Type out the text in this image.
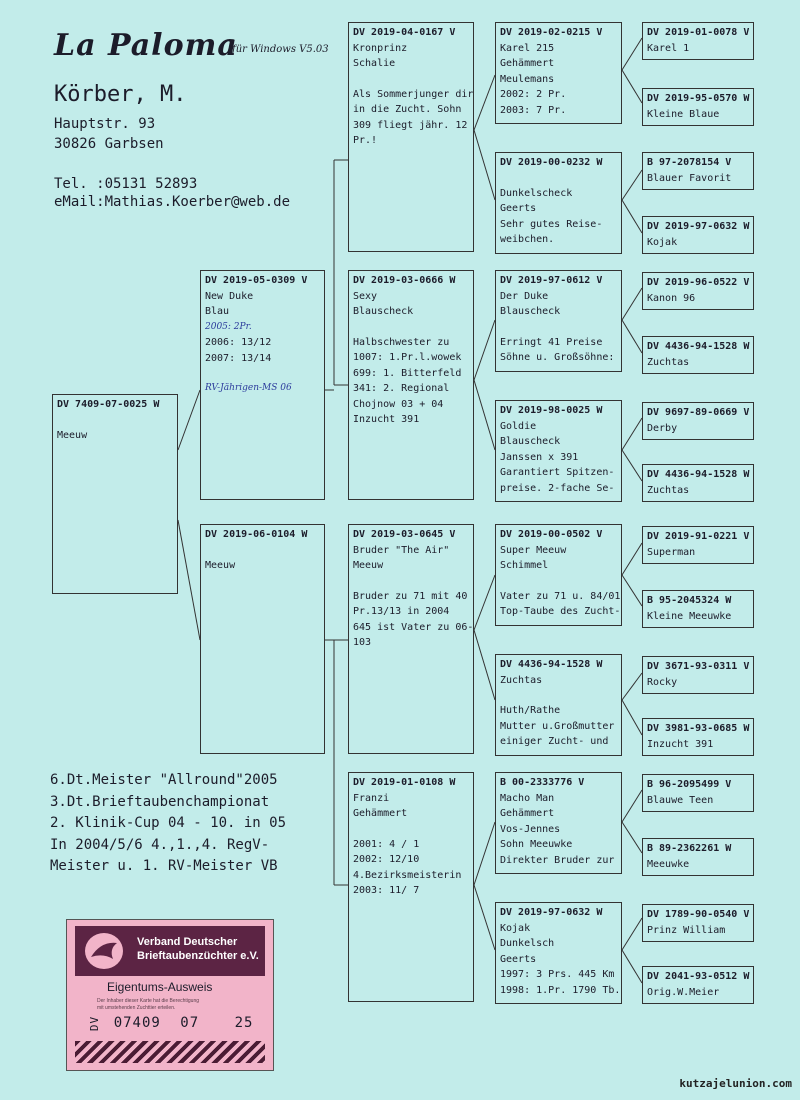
La Paloma
für Windows V5.03
Körber, M.
Hauptstr. 93
30826 Garbsen
Tel. :05131 52893
eMail:Mathias.Koerber@web.de
6.Dt.Meister "Allround"2005
3.Dt.Brieftaubenchampionat
2. Klinik-Cup 04 - 10. in 05
In 2004/5/6 4.,1.,4. RegV-
Meister u. 1. RV-Meister VB
DV 7409-07-0025 W
Meeuw
DV 2019-05-0309 V
New Duke
Blau
2005: 2Pr.
2006: 13/12
2007: 13/14
RV-Jährigen-MS 06
DV 2019-06-0104 W
Meeuw
DV 2019-04-0167 V
Kronprinz
Schalie
Als Sommerjunger dir
in die Zucht. Sohn
309 fliegt jähr. 12
Pr.!
DV 2019-03-0666 W
Sexy
Blauscheck
Halbschwester zu
1007: 1.Pr.l.wowek
699: 1. Bitterfeld
341: 2. Regional
Chojnow 03 + 04
Inzucht 391
DV 2019-03-0645 V
Bruder "The Air"
Meeuw
Bruder zu 71 mit 40
Pr.13/13 in 2004
645 ist Vater zu 06-
103
DV 2019-01-0108 W
Franzi
Gehämmert
2001: 4 / 1
2002: 12/10
4.Bezirksmeisterin
2003: 11/ 7
DV 2019-02-0215 V
Karel 215
Gehämmert
Meulemans
2002: 2 Pr.
2003: 7 Pr.
DV 2019-00-0232 W
Dunkelscheck
Geerts
Sehr gutes Reise-
weibchen.
DV 2019-97-0612 V
Der Duke
Blauscheck
Erringt 41 Preise
Söhne u. Großsöhne:
DV 2019-98-0025 W
Goldie
Blauscheck
Janssen x 391
Garantiert Spitzen-
preise. 2-fache Se-
DV 2019-00-0502 V
Super Meeuw
Schimmel
Vater zu 71 u. 84/01
Top-Taube des Zucht-
DV 4436-94-1528 W
Zuchtas
Huth/Rathe
Mutter u.Großmutter
einiger Zucht- und
B 00-2333776 V
Macho Man
Gehämmert
Vos-Jennes
Sohn Meeuwke
Direkter Bruder zur
DV 2019-97-0632 W
Kojak
Dunkelsch
Geerts
1997: 3 Prs. 445 Km
1998: 1.Pr. 1790 Tb.
DV 2019-01-0078 V
Karel 1
DV 2019-95-0570 W
Kleine Blaue
B 97-2078154 V
Blauer Favorit
DV 2019-97-0632 W
Kojak
DV 2019-96-0522 V
Kanon 96
DV 4436-94-1528 W
Zuchtas
DV 9697-89-0669 V
Derby
DV 4436-94-1528 W
Zuchtas
DV 2019-91-0221 V
Superman
B 95-2045324 W
Kleine Meeuwke
DV 3671-93-0311 V
Rocky
DV 3981-93-0685 W
Inzucht 391
B 96-2095499 V
Blauwe Teen
B 89-2362261 W
Meeuwke
DV 1789-90-0540 V
Prinz William
DV 2041-93-0512 W
Orig.W.Meier
Verband Deutscher
Brieftaubenzüchter e.V.
Eigentums-Ausweis
Der Inhaber dieser Karte hat die Berechtigung
mit umstehenden Zuchttier erteilen.
DV 07409 07	25
kutzajelunion.com
